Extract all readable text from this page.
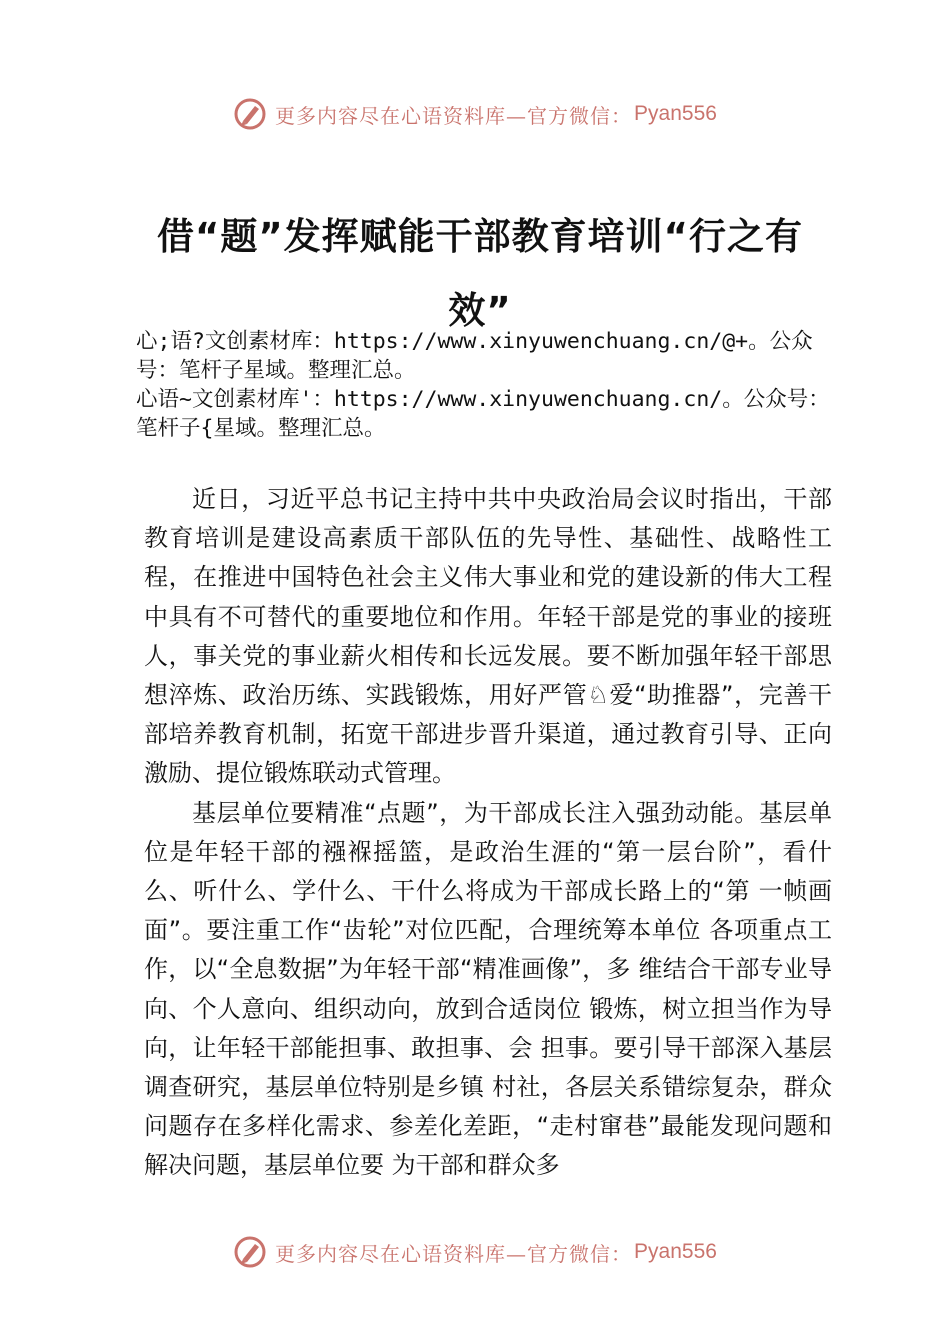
更多内容尽在心语资料库—官方微信： Pyan556
借“题”发挥赋能干部教育培训“行之有效”

心;语?文创素材库：https://www.xinyuwenchuang.cn/@+。公众号：笔杆子星域。整理汇总。

心语~文创素材库'：https://www.xinyuwenchuang.cn/。公众号：笔杆子{星域。整理汇总。

近日，习近平总书记主持中共中央政治局会议时指出，干部教育培训是建设高素质干部队伍的先导性、基础性、战略性工程，在推进中国特色社会主义伟大事业和党的建设新的伟大工程中具有不可替代的重要地位和作用。年轻干部是党的事业的接班人，事关党的事业薪火相传和长远发展。要不断加强年轻干部思想淬炼、政治历练、实践锻炼，用好严管♘爱“助推器”，完善干部培养教育机制，拓宽干部进步晋升渠道，通过教育引导、正向激励、提位锻炼联动式管理。

基层单位要精准“点题”，为干部成长注入强劲动能。基层单位是年轻干部的襁褓摇篮，是政治生涯的“第一层台阶”，看什么、听什么、学什么、干什么将成为干部成长路上的“第 一帧画面”。要注重工作“齿轮”对位匹配，合理统筹本单位 各项重点工作，以“全息数据”为年轻干部“精准画像”，多 维结合干部专业导向、个人意向、组织动向，放到合适岗位 锻炼，树立担当作为导向，让年轻干部能担事、敢担事、会 担事。要引导干部深入基层调查研究，基层单位特别是乡镇 村社，各层关系错综复杂，群众问题存在多样化需求、参差化差距，“走村窜巷”最能发现问题和解决问题，基层单位要 为干部和群众多

更多内容尽在心语资料库—官方微信： Pyan556
